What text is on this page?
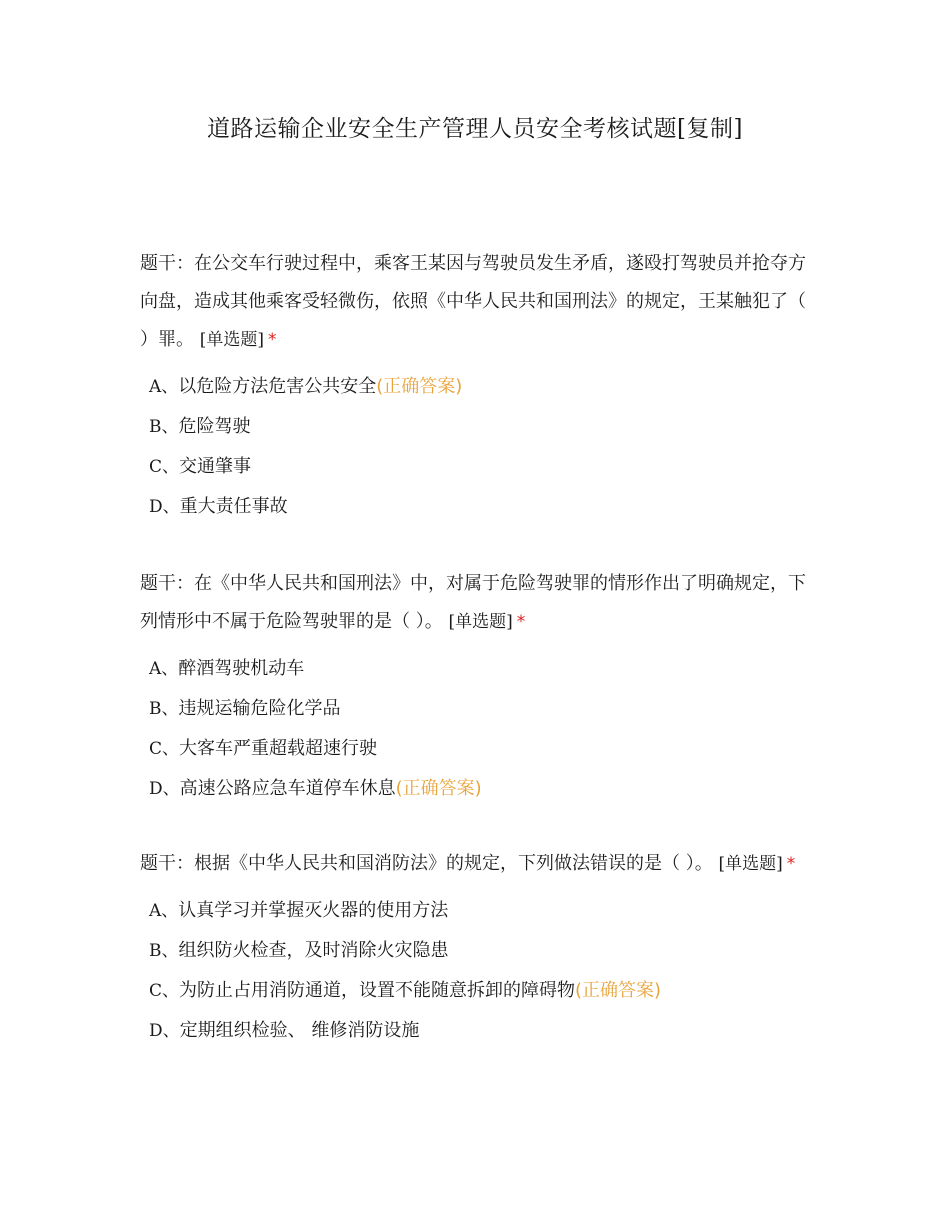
道路运输企业安全生产管理人员安全考核试题[复制]

题干：在公交车行驶过程中，乘客王某因与驾驶员发生矛盾，遂殴打驾驶员并抢夺方向盘，造成其他乘客受轻微伤，依照《中华人民共和国刑法》的规定，王某触犯了（ ）罪。 [单选题] *

A、以危险方法危害公共安全(正确答案)
B、危险驾驶
C、交通肇事
D、重大责任事故

题干：在《中华人民共和国刑法》中，对属于危险驾驶罪的情形作出了明确规定，下列情形中不属于危险驾驶罪的是（ ）。 [单选题] *

A、醉酒驾驶机动车
B、违规运输危险化学品
C、大客车严重超载超速行驶
D、高速公路应急车道停车休息(正确答案)

题干：根据《中华人民共和国消防法》的规定，下列做法错误的是（ ）。 [单选题] *

A、认真学习并掌握灭火器的使用方法
B、组织防火检查，及时消除火灾隐患
C、为防止占用消防通道，设置不能随意拆卸的障碍物(正确答案)
D、定期组织检验、 维修消防设施
